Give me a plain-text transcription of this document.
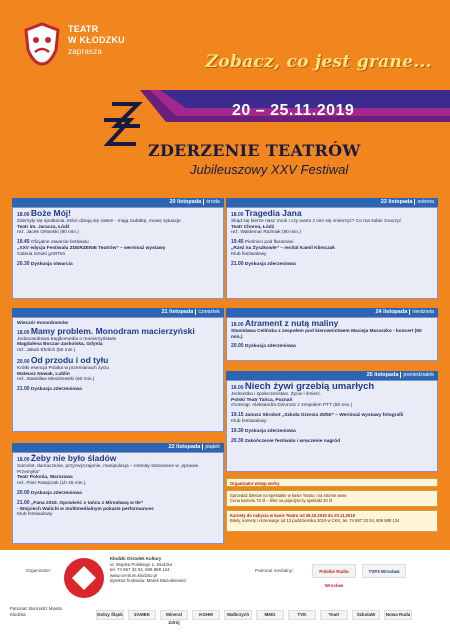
TEATR
W KŁODZKU
zaprasza
Zobacz, co jest grane...
20 – 25.11.2019
ZDERZENIE TEATRÓW
Jubileuszowy XXV Festiwal
20 listopada środa
18.00 Boże Mój!
Zderzyły się spotkania, które dzieją się zatem - mają zadatkę, mowę sytuacje
Teatr im. Jaracza, Łódź
reż. Jacek Orłowski (90 min.)
19.45 Oficjalne otwarcie festiwalu
„XXV edycja Festiwalu ZDERZENIE Teatrów” – wernisaż wystawy
Galeria Sztuki gARTen
20.30 Dyskusja otwarcia
23 listopada sobota
18.00 Tragedia Jana
Skąd się bierze nasz mrok i czy warto z nim się zmierzyć? Co ma sobie znaczyć
Teatr Chorea, Łódź
reż. Waldemar Raźniak (80 min.)
19.45 Pieśnico pod flaramani
„Rzeź na Żyszkowie” – recital Kamil Klimczak
Klub festiwalowy
21.00 Dyskusja zderzeniowa
21 listopada czwartek
Wieczór monodramów
18.00 Mamy problem. Monodram macierzyński
Jednoosobowa tragikomedia o macierzyństwie
Magdalena Boczar-Jaskolska, Gdynia
reż. Jakub Ehrlich (50 min.)
20.00 Od przodu i od tyłu
Krótki esencja Polaka w przemianach życiu
Mateusz Nowak, Lublin
reż. Stanisław Miedziewski (60 min.)
21.00 Dyskusja zderzeniowa
24 listopada niedziela
18.00 Atrament z nutą maliny
Stanisława Celińska z zespołem pod kierownictwem Macieja Muraszko - koncert (90 min.)
20.00 Dyskusja zderzeniowa
25 listopada poniedziałek
18.00 Niech żywi grzebią umarłych
Jednostka i społeczeństwo. Życie i śmierć.
Polski Teatr Tańca, Poznań
choreogr. Aleksandra Dziurosz z zespołem PTT (60 min.)
19.15 Janusz Skrobot „Szkoła Grzesia 25/50” – Wernisaż wystawy fotografii
Klub festiwalowy
19.30 Dyskusja zderzeniowa
20.30 Zakończenie festiwalu i wręczenie nagród
22 listopada piątek
18.00 Żeby nie było śladów
Samolot, tłumaczenie, przyzwyczajenie, manipulacja – metody stosowane w „sprawie Przemyka”
Teatr Polonia, Warszawa
reż. Piotr Ratajczak (1h 45 min.)
20.00 Dyskusja zderzeniowa
21.00 „Pana 2019. Opowieść o tańcu z Mirosławą w tle”
- Wojciech Walichi w multimedialnym pokazie performances
Klub festiwalowy
Organizator wstęp wolny
Sprzedaż biletów na spektakle w kasie Teatru i na stronie www
Cena karnetu 70 zł – bilet na pojedynczy spektakl 20 zł
Karnety do nabycia w kasie Teatru od 28.10.2019 do 20.11.2019
Bilety, karnety i rezerwacje od 13 października 2019 w CKK, tel. 74 867 33 04, 606 888 124
Organizator:
Kłodzki Ośrodek Kultury
ul. Wojska Polskiego 1, Kłodzko
tel. 74 867 33 04, 606 888 124
www.centrum.klodzko.pl
dyrektor festiwalu: Marek Mazurkiewicz
Patronat medialny:	Polskie Radio Wrocław
TVP3 Wrocław
Patronat: Burmistrz Miasta Kłodzka	Dolny Śląsk	ZAMEK	Mineral Zdrój
KGHM	Wałbrzych	MMG	TVK	Teatr	SzkołaW	Nowa Ruda
